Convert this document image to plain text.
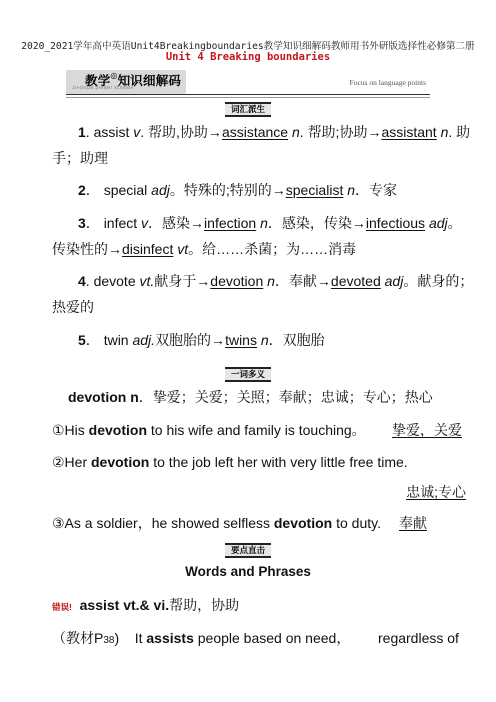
2020_2021学年高中英语Unit4Breakingboundaries教学知识细解码教师用书外研版选择性必修第二册
Unit 4 Breaking boundaries
教学◎知识细解码
JIAOXUE ZHISHI XIJIEMA
Focus on language points
词汇派生
1. assist v. 帮助,协助→assistance n. 帮助;协助→assistant n. 助
手；助理
2． special adj。特殊的;特别的→specialist n．专家
3． infect v．感染→infection n．感染，传染→infectious adj。
传染性的→disinfect vt。给……杀菌；为……消毒
4. devote vt.献身于→devotion n．奉献→devoted adj。献身的；
热爱的
5． twin adj.双胞胎的→twins n．双胞胎
一词多义
devotion n．挚爱；关爱；关照；奉献；忠诚；专心；热心
①His devotion to his wife and family is touching。 挚爱，关爱
②Her devotion to the job left her with very little free time.
忠诚;专心
③As a soldier，he showed selfless devotion to duty. 奉献
要点直击
Words and Phrases
错误! assist vt.& vi.帮助，协助
（教材P38) It assists people based on need， regardless of
